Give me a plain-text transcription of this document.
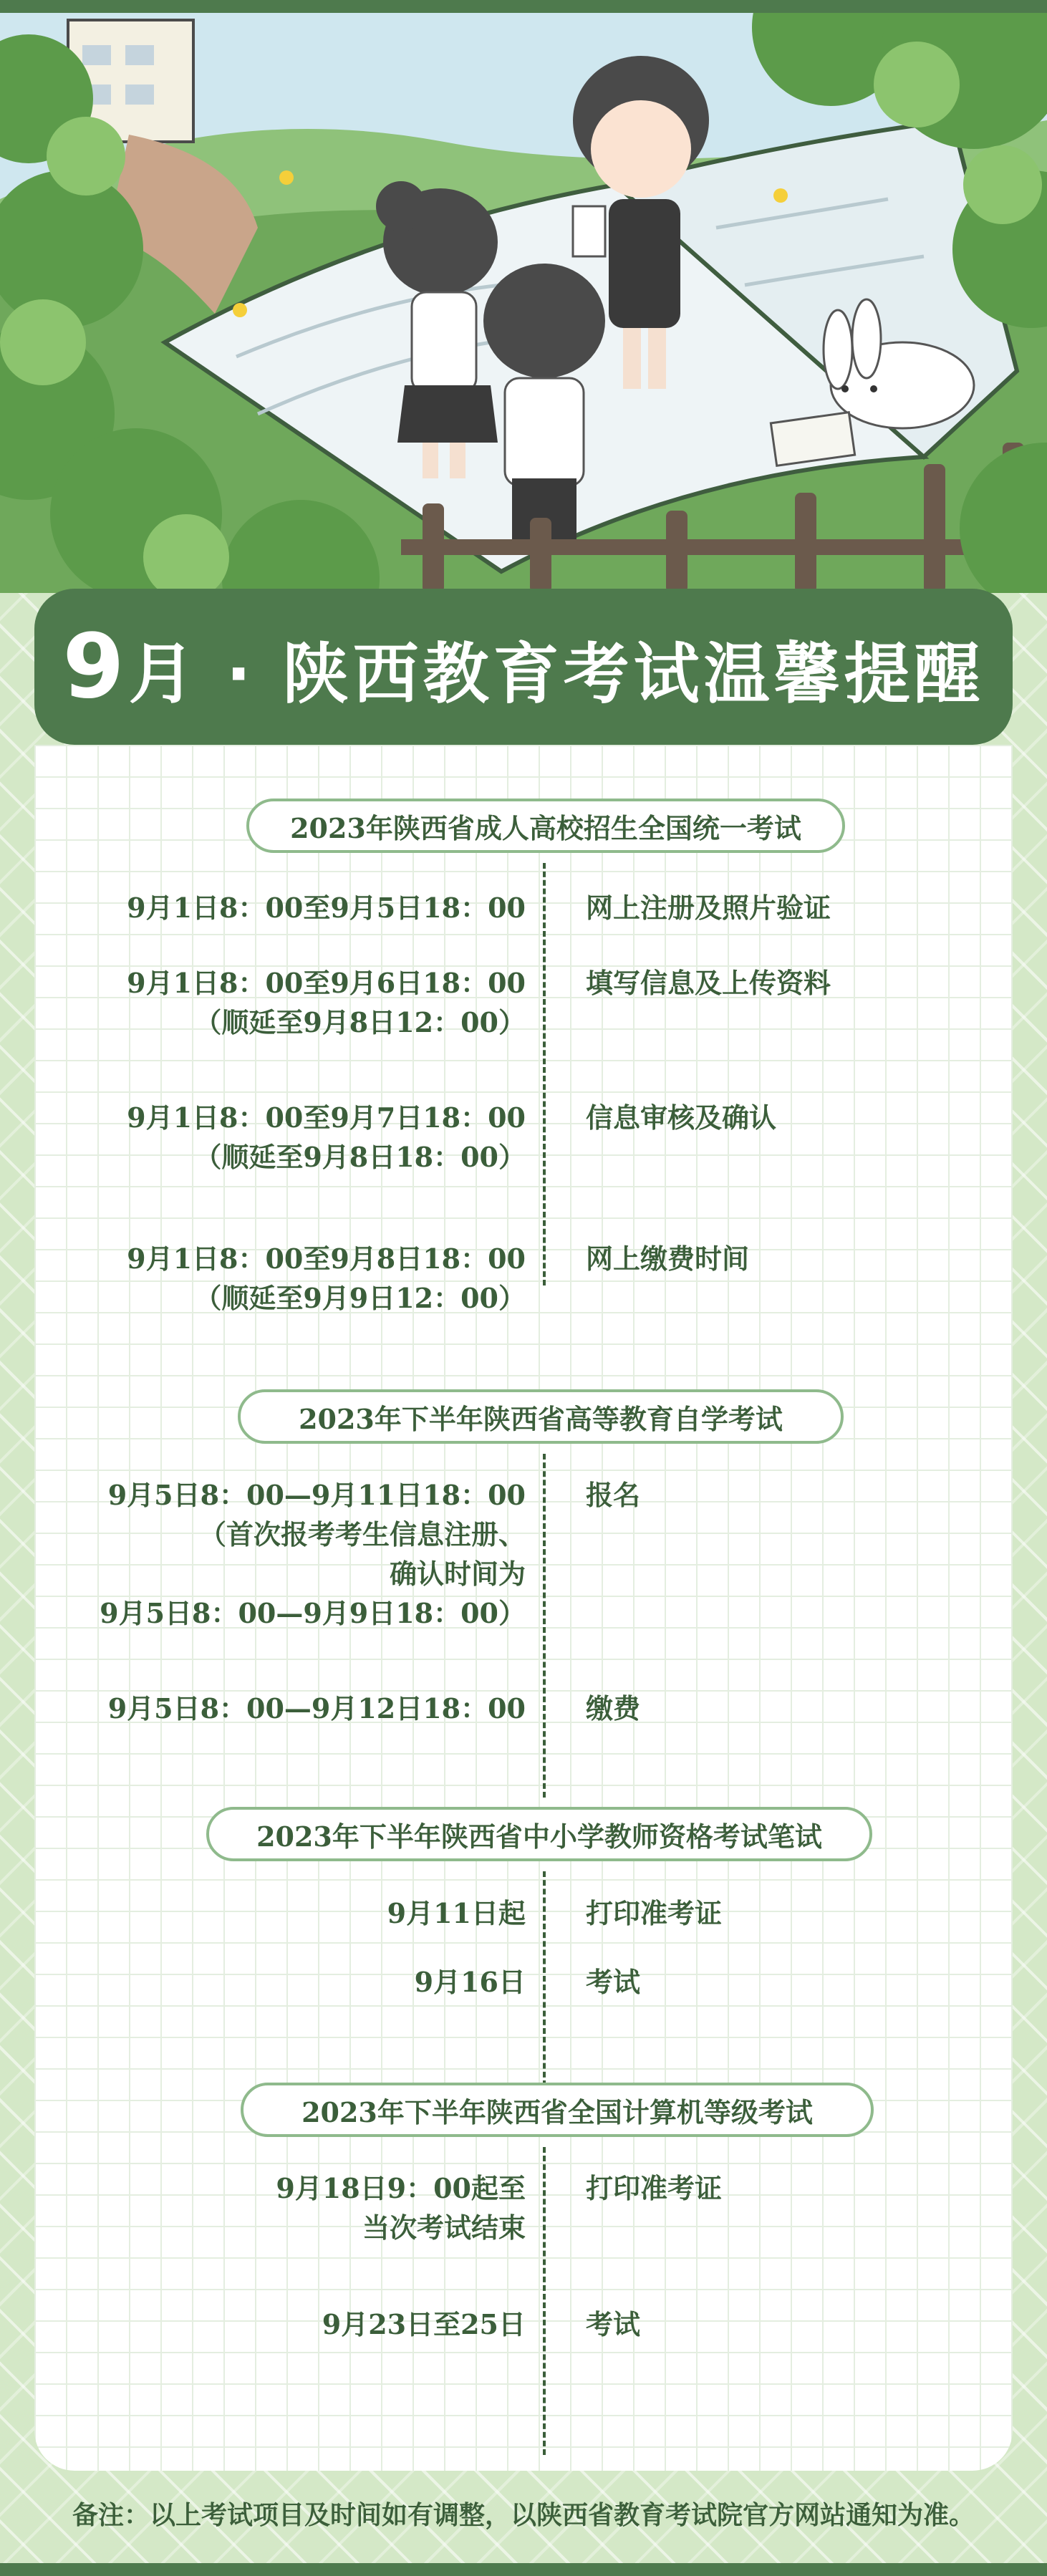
9月 · 陕西教育考试温馨提醒
2023年陕西省成人高校招生全国统一考试
9月1日8：00至9月5日18：00 网上注册及照片验证
9月1日8：00至9月6日18：00
（顺延至9月8日12：00）
填写信息及上传资料
9月1日8：00至9月7日18：00
（顺延至9月8日18：00）
信息审核及确认
9月1日8：00至9月8日18：00
（顺延至9月9日12：00）
网上缴费时间
2023年下半年陕西省高等教育自学考试
9月5日8：00—9月11日18：00
（首次报考考生信息注册、
确认时间为
9月5日8：00—9月9日18：00）
报名
9月5日8：00—9月12日18：00 缴费
2023年下半年陕西省中小学教师资格考试笔试
9月11日起 打印准考证
9月16日 考试
2023年下半年陕西省全国计算机等级考试
9月18日9：00起至
当次考试结束
打印准考证
9月23日至25日 考试
备注：以上考试项目及时间如有调整，以陕西省教育考试院官方网站通知为准。
